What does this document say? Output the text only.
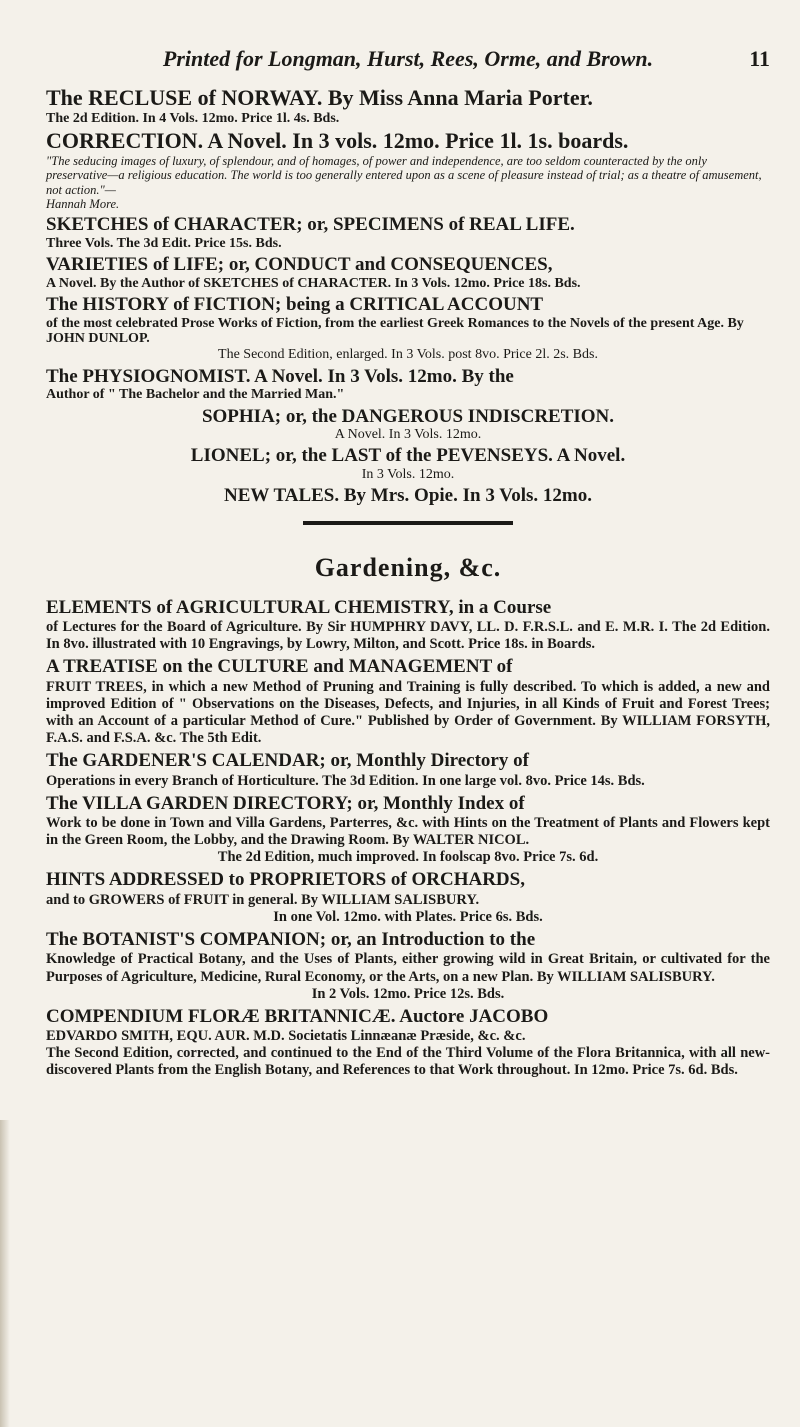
Printed for Longman, Hurst, Rees, Orme, and Brown.	11
The RECLUSE of NORWAY. By Miss Anna Maria Porter.
The 2d Edition. In 4 Vols. 12mo. Price 1l. 4s. Bds.
CORRECTION. A Novel. In 3 vols. 12mo. Price 1l. 1s. boards.
"The seducing images of luxury, of splendour, and of homages, of power and independence, are too seldom counteracted by the only preservative—a religious education. The world is too generally entered upon as a scene of pleasure instead of trial; as a theatre of amusement, not action."—
Hannah More.
SKETCHES of CHARACTER; or, SPECIMENS of REAL LIFE.
Three Vols. The 3d Edit. Price 15s. Bds.
VARIETIES of LIFE; or, CONDUCT and CONSEQUENCES,
A Novel. By the Author of SKETCHES of CHARACTER. In 3 Vols. 12mo. Price 18s. Bds.
The HISTORY of FICTION; being a CRITICAL ACCOUNT
of the most celebrated Prose Works of Fiction, from the earliest Greek Romances to the Novels of the present Age. By JOHN DUNLOP.
The Second Edition, enlarged. In 3 Vols. post 8vo. Price 2l. 2s. Bds.
The PHYSIOGNOMIST. A Novel. In 3 Vols. 12mo. By the
Author of " The Bachelor and the Married Man."
SOPHIA; or, the DANGEROUS INDISCRETION.
A Novel. In 3 Vols. 12mo.
LIONEL; or, the LAST of the PEVENSEYS. A Novel.
In 3 Vols. 12mo.
NEW TALES. By Mrs. Opie. In 3 Vols. 12mo.
Gardening, &c.
ELEMENTS of AGRICULTURAL CHEMISTRY, in a Course
of Lectures for the Board of Agriculture. By Sir HUMPHRY DAVY, LL. D. F.R.S.L. and E. M.R. I. The 2d Edition. In 8vo. illustrated with 10 Engravings, by Lowry, Milton, and Scott. Price 18s. in Boards.
A TREATISE on the CULTURE and MANAGEMENT of
FRUIT TREES, in which a new Method of Pruning and Training is fully described. To which is added, a new and improved Edition of " Observations on the Diseases, Defects, and Injuries, in all Kinds of Fruit and Forest Trees; with an Account of a particular Method of Cure." Published by Order of Government. By WILLIAM FORSYTH, F.A.S. and F.S.A. &c. The 5th Edit.
The GARDENER'S CALENDAR; or, Monthly Directory of
Operations in every Branch of Horticulture. The 3d Edition. In one large vol. 8vo. Price 14s. Bds.
The VILLA GARDEN DIRECTORY; or, Monthly Index of
Work to be done in Town and Villa Gardens, Parterres, &c. with Hints on the Treatment of Plants and Flowers kept in the Green Room, the Lobby, and the Drawing Room. By WALTER NICOL.
The 2d Edition, much improved. In foolscap 8vo. Price 7s. 6d.
HINTS ADDRESSED to PROPRIETORS of ORCHARDS,
and to GROWERS of FRUIT in general. By WILLIAM SALISBURY.
In one Vol. 12mo. with Plates. Price 6s. Bds.
The BOTANIST'S COMPANION; or, an Introduction to the
Knowledge of Practical Botany, and the Uses of Plants, either growing wild in Great Britain, or cultivated for the Purposes of Agriculture, Medicine, Rural Economy, or the Arts, on a new Plan. By WILLIAM SALISBURY.
In 2 Vols. 12mo. Price 12s. Bds.
COMPENDIUM FLORÆ BRITANNICÆ. Auctore JACOBO
EDVARDO SMITH, EQU. AUR. M.D. Societatis Linnæanæ Præside, &c. &c.
The Second Edition, corrected, and continued to the End of the Third Volume of the Flora Britannica, with all new-discovered Plants from the English Botany, and References to that Work throughout. In 12mo. Price 7s. 6d. Bds.
